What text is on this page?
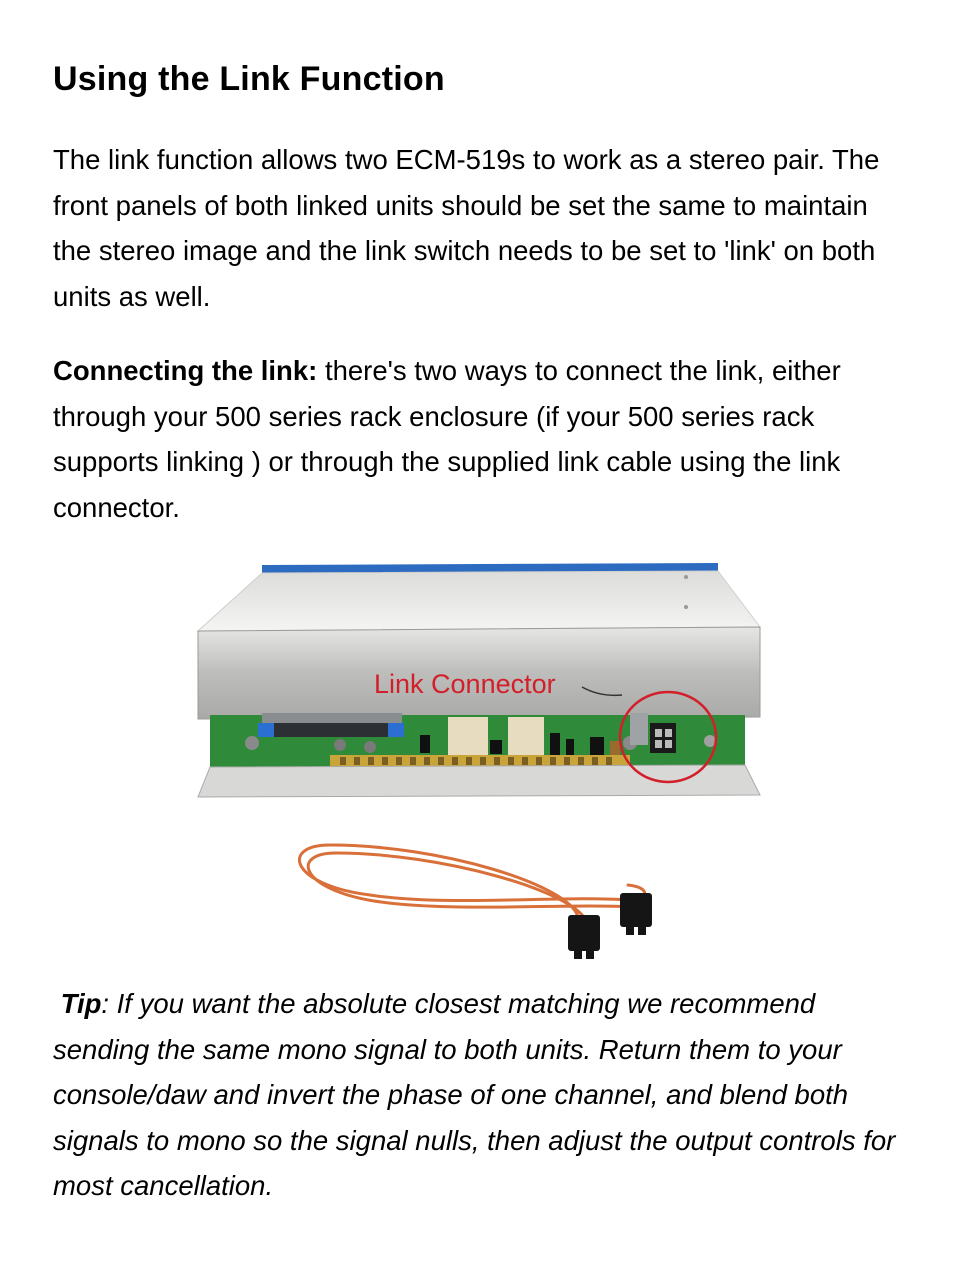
Using the Link Function

The link function allows two ECM-519s to work as a stereo pair. The front panels of both linked units should be set the same to maintain the stereo image and the link switch needs to be set to 'link' on both units as well.

Connecting the link: there's two ways to connect the link, either through your 500 series rack enclosure (if your 500 series rack supports linking ) or through the supplied link cable using the link connector.

Link Connector

Tip: If you want the absolute closest matching we recommend sending the same mono signal to both units. Return them to your console/daw and invert the phase of one channel, and blend both signals to mono so the signal nulls, then adjust the output controls for most cancellation.
